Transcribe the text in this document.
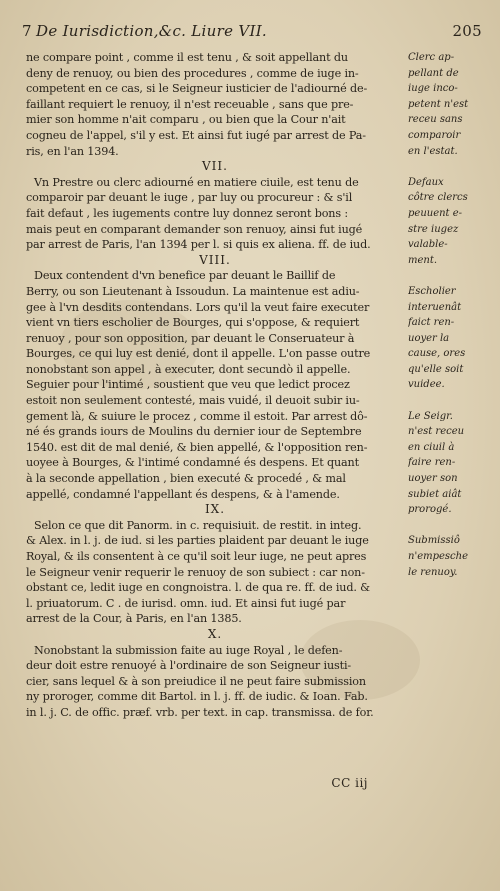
7 De Iurisdiction,&c. Liure VII.	205
ne compare point , comme il est tenu , & soit appellant du
deny de renuoy, ou bien des procedures , comme de iuge in-
competent en ce cas, si le Seigneur iusticier de l'adiourné de-
faillant requiert le renuoy, il n'est receuable , sans que pre-
mier son homme n'ait comparu , ou bien que la Cour n'ait
cogneu de l'appel, s'il y est. Et ainsi fut iugé par arrest de Pa-
ris, en l'an 1394.
VII.
Vn Prestre ou clerc adiourné en matiere ciuile, est tenu de
comparoir par deuant le iuge , par luy ou procureur : & s'il
fait defaut , les iugements contre luy donnez seront bons :
mais peut en comparant demander son renuoy, ainsi fut iugé
par arrest de Paris, l'an 1394 per l. si quis ex aliena. ff. de iud.
VIII.
Deux contendent d'vn benefice par deuant le Baillif de
Berry, ou son Lieutenant à Issoudun. La maintenue est adiu-
gee à l'vn desdits contendans. Lors qu'il la veut faire executer
vient vn tiers escholier de Bourges, qui s'oppose, & requiert
renuoy , pour son opposition, par deuant le Conseruateur à
Bourges, ce qui luy est denié, dont il appelle. L'on passe outre
nonobstant son appel , à executer, dont secundò il appelle.
Seguier pour l'intimé , soustient que veu que ledict procez
estoit non seulement contesté, mais vuidé, il deuoit subir iu-
gement là, & suiure le procez , comme il estoit. Par arrest dô-
né és grands iours de Moulins du dernier iour de Septembre
1540. est dit de mal denié, & bien appellé, & l'opposition ren-
uoyee à Bourges, & l'intimé condamné és despens. Et quant
à la seconde appellation , bien executé & procedé , & mal
appellé, condamné l'appellant és despens, & à l'amende.
IX.
Selon ce que dit Panorm. in c. requisiuit. de restit. in integ.
& Alex. in l. j. de iud. si les parties plaident par deuant le iuge
Royal, & ils consentent à ce qu'il soit leur iuge, ne peut apres
le Seigneur venir requerir le renuoy de son subiect : car non-
obstant ce, ledit iuge en congnoistra. l. de qua re. ff. de iud. &
l. priuatorum. C . de iurisd. omn. iud. Et ainsi fut iugé par
arrest de la Cour, à Paris, en l'an 1385.
X.
Nonobstant la submission faite au iuge Royal , le defen-
deur doit estre renuoyé à l'ordinaire de son Seigneur iusti-
cier, sans lequel & à son preiudice il ne peut faire submission
ny proroger, comme dit Bartol. in l. j. ff. de iudic. & Ioan. Fab.
in l. j. C. de offic. præf. vrb. per text. in cap. transmissa. de for.
Clerc ap-
pellant de
iuge inco-
petent n'est
receu sans
comparoir
en l'estat.
Defaux
côtre clercs
peuuent e-
stre iugez
valable-
ment.
Escholier
interuenât
faict ren-
uoyer la
cause, ores
qu'elle soit
vuidee.
Le Seigr.
n'est receu
en ciuil à
faire ren-
uoyer son
subiet aiât
prorogé.
Submissiô
n'empesche
le renuoy.
CC iij
